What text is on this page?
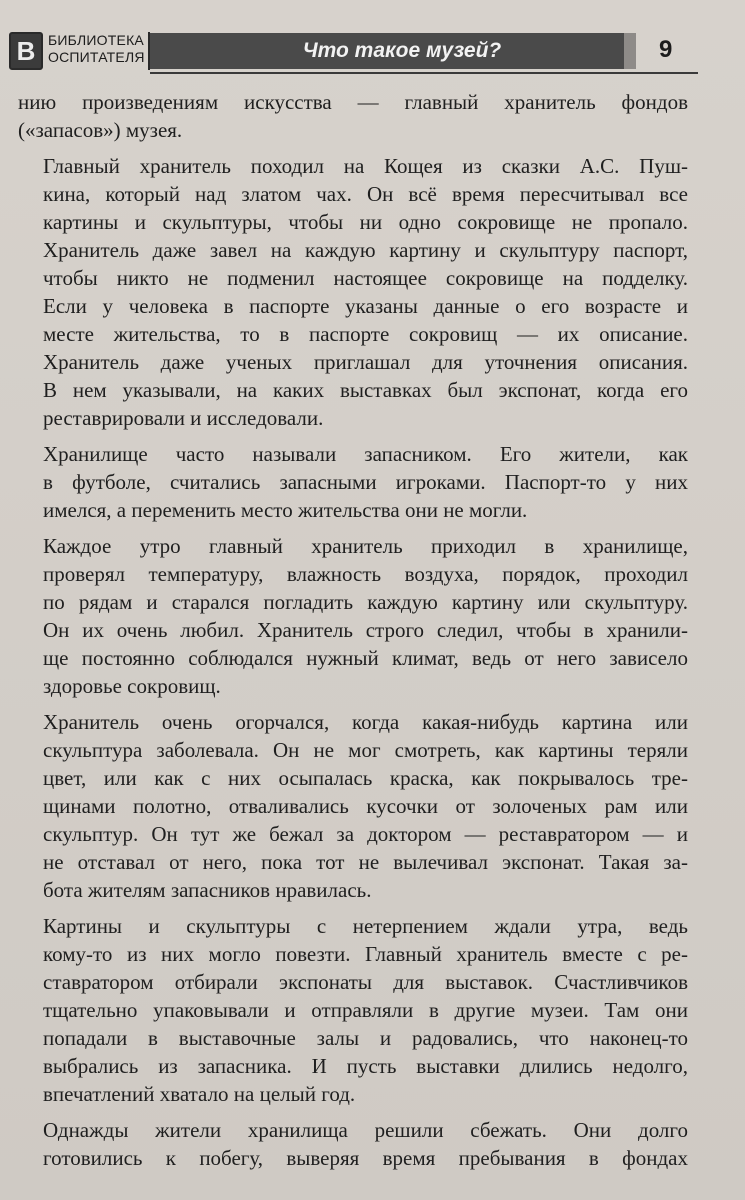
В БИБЛИОТЕКА
ОСПИТАТЕЛЯ	Что такое музей?	9

нию произведениям искусства — главный хранитель фондов
(«запасов») музея.

Главный хранитель походил на Кощея из сказки А.С. Пуш-
кина, который над златом чах. Он всё время пересчитывал все
картины и скульптуры, чтобы ни одно сокровище не пропало.
Хранитель даже завел на каждую картину и скульптуру паспорт,
чтобы никто не подменил настоящее сокровище на подделку.
Если у человека в паспорте указаны данные о его возрасте и
месте жительства, то в паспорте сокровищ — их описание.
Хранитель даже ученых приглашал для уточнения описания.
В нем указывали, на каких выставках был экспонат, когда его
реставрировали и исследовали.

Хранилище часто называли запасником. Его жители, как
в футболе, считались запасными игроками. Паспорт-то у них
имелся, а переменить место жительства они не могли.

Каждое утро главный хранитель приходил в хранилище,
проверял температуру, влажность воздуха, порядок, проходил
по рядам и старался погладить каждую картину или скульптуру.
Он их очень любил. Хранитель строго следил, чтобы в хранили-
ще постоянно соблюдался нужный климат, ведь от него зависело
здоровье сокровищ.

Хранитель очень огорчался, когда какая-нибудь картина или
скульптура заболевала. Он не мог смотреть, как картины теряли
цвет, или как с них осыпалась краска, как покрывалось тре-
щинами полотно, отваливались кусочки от золоченых рам или
скульптур. Он тут же бежал за доктором — реставратором — и
не отставал от него, пока тот не вылечивал экспонат. Такая за-
бота жителям запасников нравилась.

Картины и скульптуры с нетерпением ждали утра, ведь
кому-то из них могло повезти. Главный хранитель вместе с ре-
ставратором отбирали экспонаты для выставок. Счастливчиков
тщательно упаковывали и отправляли в другие музеи. Там они
попадали в выставочные залы и радовались, что наконец-то
выбрались из запасника. И пусть выставки длились недолго,
впечатлений хватало на целый год.

Однажды жители хранилища решили сбежать. Они долго
готовились к побегу, выверяя время пребывания в фондах
